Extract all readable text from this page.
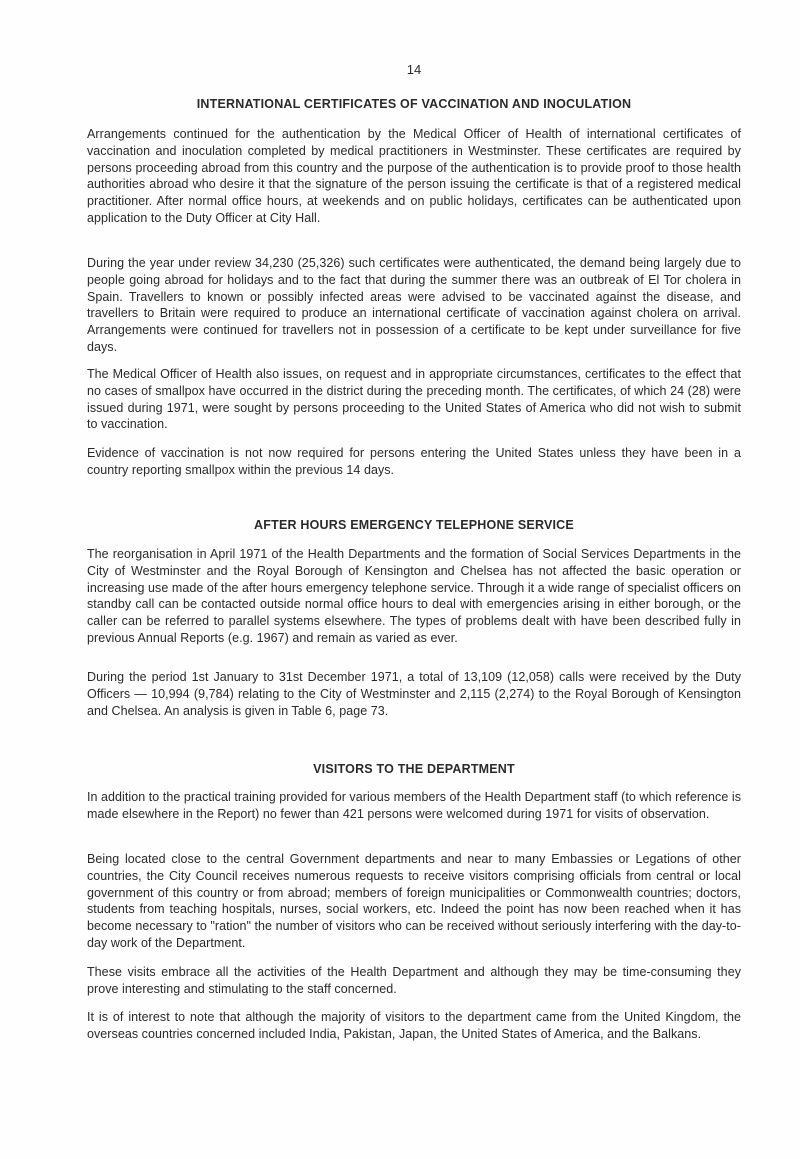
14
INTERNATIONAL CERTIFICATES OF VACCINATION AND INOCULATION

Arrangements continued for the authentication by the Medical Officer of Health of international certificates of vaccination and inoculation completed by medical practitioners in Westminster. These certificates are required by persons proceeding abroad from this country and the purpose of the authentication is to provide proof to those health authorities abroad who desire it that the signature of the person issuing the certificate is that of a registered medical practitioner. After normal office hours, at weekends and on public holidays, certificates can be authenticated upon application to the Duty Officer at City Hall.

During the year under review 34,230 (25,326) such certificates were authenticated, the demand being largely due to people going abroad for holidays and to the fact that during the summer there was an outbreak of El Tor cholera in Spain. Travellers to known or possibly infected areas were advised to be vaccinated against the disease, and travellers to Britain were required to produce an international certificate of vaccination against cholera on arrival. Arrangements were continued for travellers not in possession of a certificate to be kept under surveillance for five days.

The Medical Officer of Health also issues, on request and in appropriate circumstances, certificates to the effect that no cases of smallpox have occurred in the district during the preceding month. The certificates, of which 24 (28) were issued during 1971, were sought by persons proceeding to the United States of America who did not wish to submit to vaccination.

Evidence of vaccination is not now required for persons entering the United States unless they have been in a country reporting smallpox within the previous 14 days.

AFTER HOURS EMERGENCY TELEPHONE SERVICE

The reorganisation in April 1971 of the Health Departments and the formation of Social Services Departments in the City of Westminster and the Royal Borough of Kensington and Chelsea has not affected the basic operation or increasing use made of the after hours emergency telephone service. Through it a wide range of specialist officers on standby call can be contacted outside normal office hours to deal with emergencies arising in either borough, or the caller can be referred to parallel systems elsewhere. The types of problems dealt with have been described fully in previous Annual Reports (e.g. 1967) and remain as varied as ever.

During the period 1st January to 31st December 1971, a total of 13,109 (12,058) calls were received by the Duty Officers — 10,994 (9,784) relating to the City of Westminster and 2,115 (2,274) to the Royal Borough of Kensington and Chelsea. An analysis is given in Table 6, page 73.

VISITORS TO THE DEPARTMENT

In addition to the practical training provided for various members of the Health Department staff (to which reference is made elsewhere in the Report) no fewer than 421 persons were welcomed during 1971 for visits of observation.

Being located close to the central Government departments and near to many Embassies or Legations of other countries, the City Council receives numerous requests to receive visitors comprising officials from central or local government of this country or from abroad; members of foreign municipalities or Commonwealth countries; doctors, students from teaching hospitals, nurses, social workers, etc. Indeed the point has now been reached when it has become necessary to "ration" the number of visitors who can be received without seriously interfering with the day-to-day work of the Department.

These visits embrace all the activities of the Health Department and although they may be time-consuming they prove interesting and stimulating to the staff concerned.

It is of interest to note that although the majority of visitors to the department came from the United Kingdom, the overseas countries concerned included India, Pakistan, Japan, the United States of America, and the Balkans.
